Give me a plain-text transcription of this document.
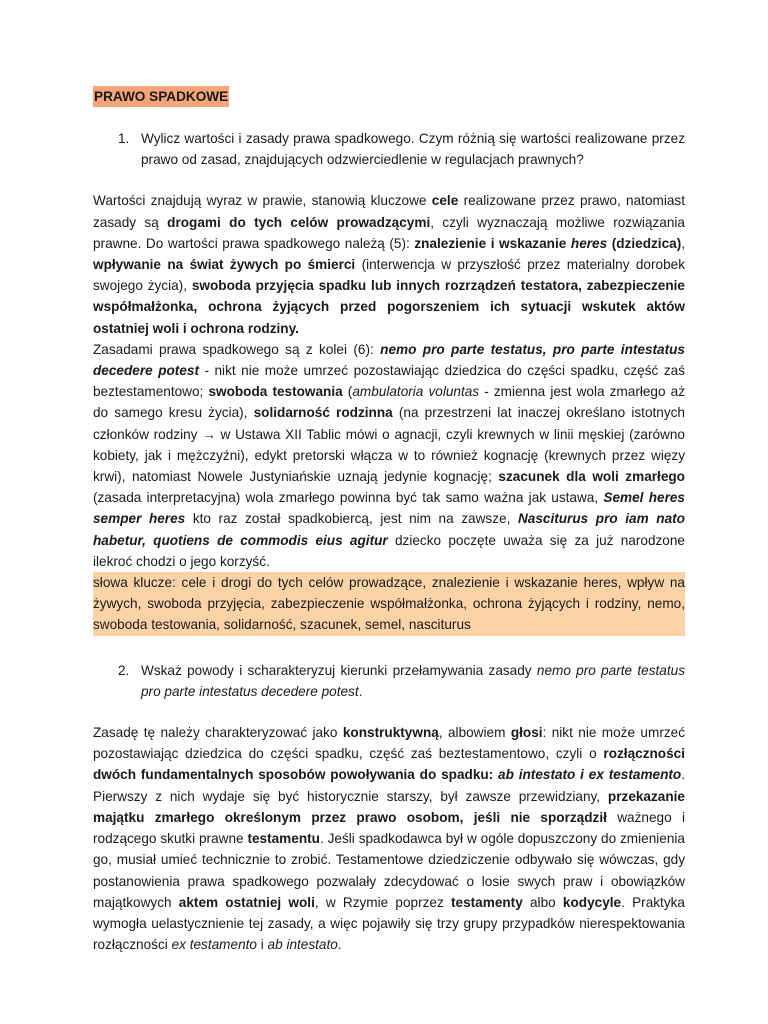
PRAWO SPADKOWE
1. Wylicz wartości i zasady prawa spadkowego. Czym różnią się wartości realizowane przez prawo od zasad, znajdujących odzwierciedlenie w regulacjach prawnych?

Wartości znajdują wyraz w prawie, stanowią kluczowe cele realizowane przez prawo, natomiast zasady są drogami do tych celów prowadzącymi, czyli wyznaczają możliwe rozwiązania prawne. Do wartości prawa spadkowego należą (5): znalezienie i wskazanie heres (dziedzica), wpływanie na świat żywych po śmierci (interwencja w przyszłość przez materialny dorobek swojego życia), swoboda przyjęcia spadku lub innych rozrządzeń testatora, zabezpieczenie współmałżonka, ochrona żyjących przed pogorszeniem ich sytuacji wskutek aktów ostatniej woli i ochrona rodziny.

Zasadami prawa spadkowego są z kolei (6): nemo pro parte testatus, pro parte intestatus decedere potest - nikt nie może umrzeć pozostawiając dziedzica do części spadku, część zaś beztestamentowo; swoboda testowania (ambulatoria voluntas - zmienna jest wola zmarłego aż do samego kresu życia), solidarność rodzinna (na przestrzeni lat inaczej określano istotnych członków rodziny → w Ustawa XII Tablic mówi o agnacji, czyli krewnych w linii męskiej (zarówno kobiety, jak i mężczyźni), edykt pretorski włącza w to również kognację (krewnych przez więzy krwi), natomiast Nowele Justyniańskie uznają jedynie kognację; szacunek dla woli zmarłego (zasada interpretacyjna) wola zmarłego powinna być tak samo ważna jak ustawa, Semel heres semper heres kto raz został spadkobiercą, jest nim na zawsze, Nasciturus pro iam nato habetur, quotiens de commodis eius agitur dziecko poczęte uważa się za już narodzone ilekroć chodzi o jego korzyść.

słowa klucze: cele i drogi do tych celów prowadzące, znalezienie i wskazanie heres, wpływ na żywych, swoboda przyjęcia, zabezpieczenie współmałżonka, ochrona żyjących i rodziny, nemo, swoboda testowania, solidarność, szacunek, semel, nasciturus
2. Wskaż powody i scharakteryzuj kierunki przełamywania zasady nemo pro parte testatus pro parte intestatus decedere potest.

Zasadę tę należy charakteryzować jako konstruktywną, albowiem głosi: nikt nie może umrzeć pozostawiając dziedzica do części spadku, część zaś beztestamentowo, czyli o rozłączności dwóch fundamentalnych sposobów powoływania do spadku: ab intestato i ex testamento. Pierwszy z nich wydaje się być historycznie starszy, był zawsze przewidziany, przekazanie majątku zmarłego określonym przez prawo osobom, jeśli nie sporządził ważnego i rodzącego skutki prawne testamentu. Jeśli spadkodawca był w ogóle dopuszczony do zmienienia go, musiał umieć technicznie to zrobić. Testamentowe dziedziczenie odbywało się wówczas, gdy postanowienia prawa spadkowego pozwalały zdecydować o losie swych praw i obowiązków majątkowych aktem ostatniej woli, w Rzymie poprzez testamenty albo kodycyle. Praktyka wymogła uelastycznienie tej zasady, a więc pojawiły się trzy grupy przypadków nierespektowania rozłączności ex testamento i ab intestato.
